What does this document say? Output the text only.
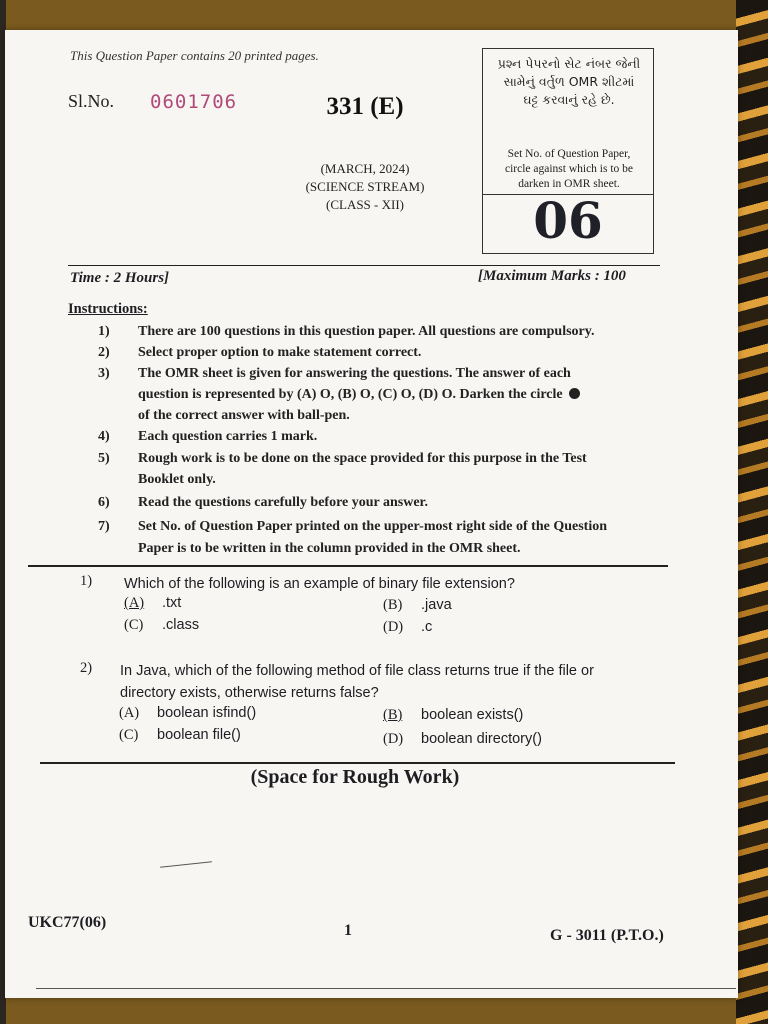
This Question Paper contains 20 printed pages.
Sl.No. 0601706	331 (E)
(MARCH, 2024)
(SCIENCE STREAM)
(CLASS - XII)
પ્રશ્ન પેપરનો સેટ નંબર જેની
સામેનું વર્તુળ OMR શીટમાં
ઘટ્ટ કરવાનું રહે છે.
Set No. of Question Paper,
circle against which is to be
darken in OMR sheet.
06
Time : 2 Hours]	[Maximum Marks : 100
Instructions:
1)	There are 100 questions in this question paper. All questions are compulsory.
2)	Select proper option to make statement correct.
3)	The OMR sheet is given for answering the questions. The answer of each
question is represented by (A) O, (B) O, (C) O, (D) O. Darken the circle
of the correct answer with ball-pen.
4)	Each question carries 1 mark.
5)	Rough work is to be done on the space provided for this purpose in the Test
Booklet only.
6)	Read the questions carefully before your answer.
7)	Set No. of Question Paper printed on the upper-most right side of the Question
Paper is to be written in the column provided in the OMR sheet.
1) Which of the following is an example of binary file extension?
(A) .txt	(B) .java
(C) .class	(D) .c
2) In Java, which of the following method of file class returns true if the file or
directory exists, otherwise returns false?
(A) boolean isfind()	(B) boolean exists()
(C) boolean file()	(D) boolean directory()
(Space for Rough Work)
UKC77(06)	1	G - 3011 (P.T.O.)
